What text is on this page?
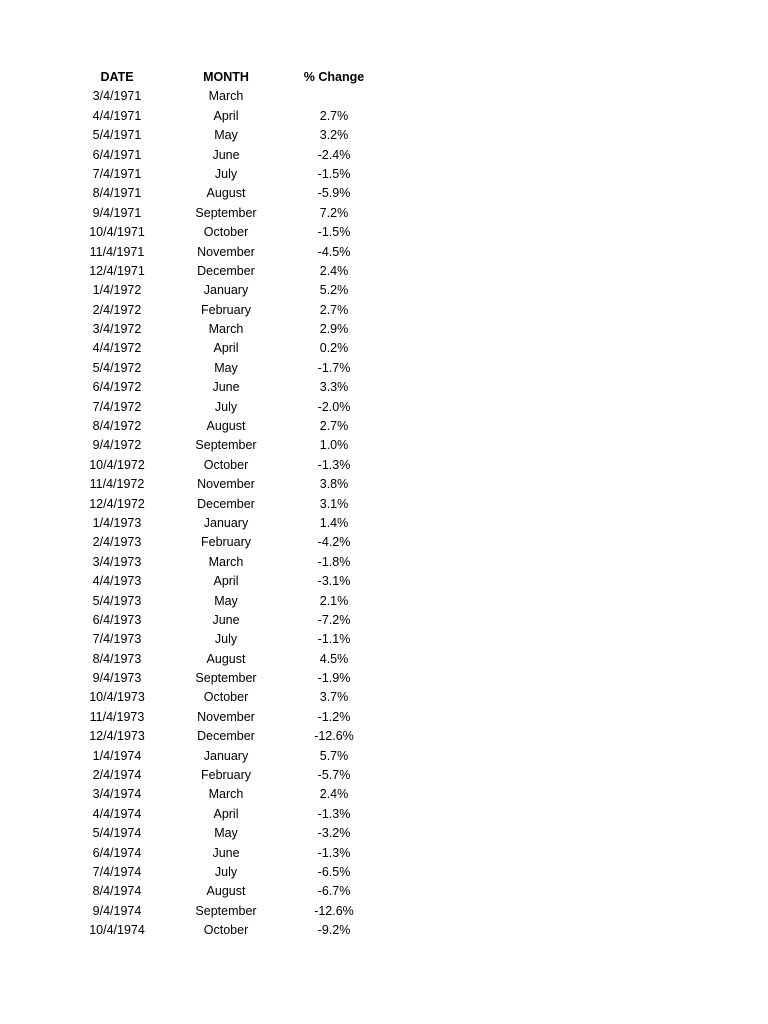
DATE	MONTH	% Change
3/4/1971	March
4/4/1971	April	2.7%
5/4/1971	May	3.2%
6/4/1971	June	-2.4%
7/4/1971	July	-1.5%
8/4/1971	August	-5.9%
9/4/1971	September	7.2%
10/4/1971	October	-1.5%
11/4/1971	November	-4.5%
12/4/1971	December	2.4%
1/4/1972	January	5.2%
2/4/1972	February	2.7%
3/4/1972	March	2.9%
4/4/1972	April	0.2%
5/4/1972	May	-1.7%
6/4/1972	June	3.3%
7/4/1972	July	-2.0%
8/4/1972	August	2.7%
9/4/1972	September	1.0%
10/4/1972	October	-1.3%
11/4/1972	November	3.8%
12/4/1972	December	3.1%
1/4/1973	January	1.4%
2/4/1973	February	-4.2%
3/4/1973	March	-1.8%
4/4/1973	April	-3.1%
5/4/1973	May	2.1%
6/4/1973	June	-7.2%
7/4/1973	July	-1.1%
8/4/1973	August	4.5%
9/4/1973	September	-1.9%
10/4/1973	October	3.7%
11/4/1973	November	-1.2%
12/4/1973	December	-12.6%
1/4/1974	January	5.7%
2/4/1974	February	-5.7%
3/4/1974	March	2.4%
4/4/1974	April	-1.3%
5/4/1974	May	-3.2%
6/4/1974	June	-1.3%
7/4/1974	July	-6.5%
8/4/1974	August	-6.7%
9/4/1974	September	-12.6%
10/4/1974	October	-9.2%
